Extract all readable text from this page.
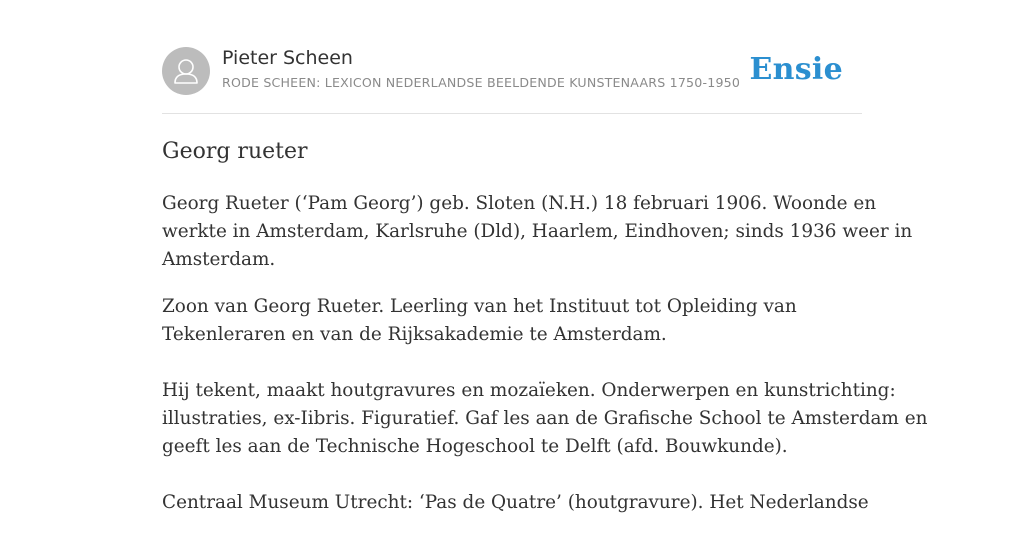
Pieter Scheen
RODE SCHEEN: LEXICON NEDERLANDSE BEELDENDE KUNSTENAARS 1750-1950 Ensie
Georg rueter

Georg Rueter (‘Pam Georg’) geb. Sloten (N.H.) 18 februari 1906. Woonde en
werkte in Amsterdam, Karlsruhe (Dld), Haarlem, Eindhoven; sinds 1936 weer in
Amsterdam.

Zoon van Georg Rueter. Leerling van het Instituut tot Opleiding van
Tekenleraren en van de Rijksakademie te Amsterdam.
Hij tekent, maakt houtgravures en mozaïeken. Onderwerpen en kunstrichting:
illustraties, ex-Iibris. Figuratief. Gaf les aan de Grafische School te Amsterdam en
geeft les aan de Technische Hogeschool te Delft (afd. Bouwkunde).
Centraal Museum Utrecht: ‘Pas de Quatre’ (houtgravure). Het Nederlandse
